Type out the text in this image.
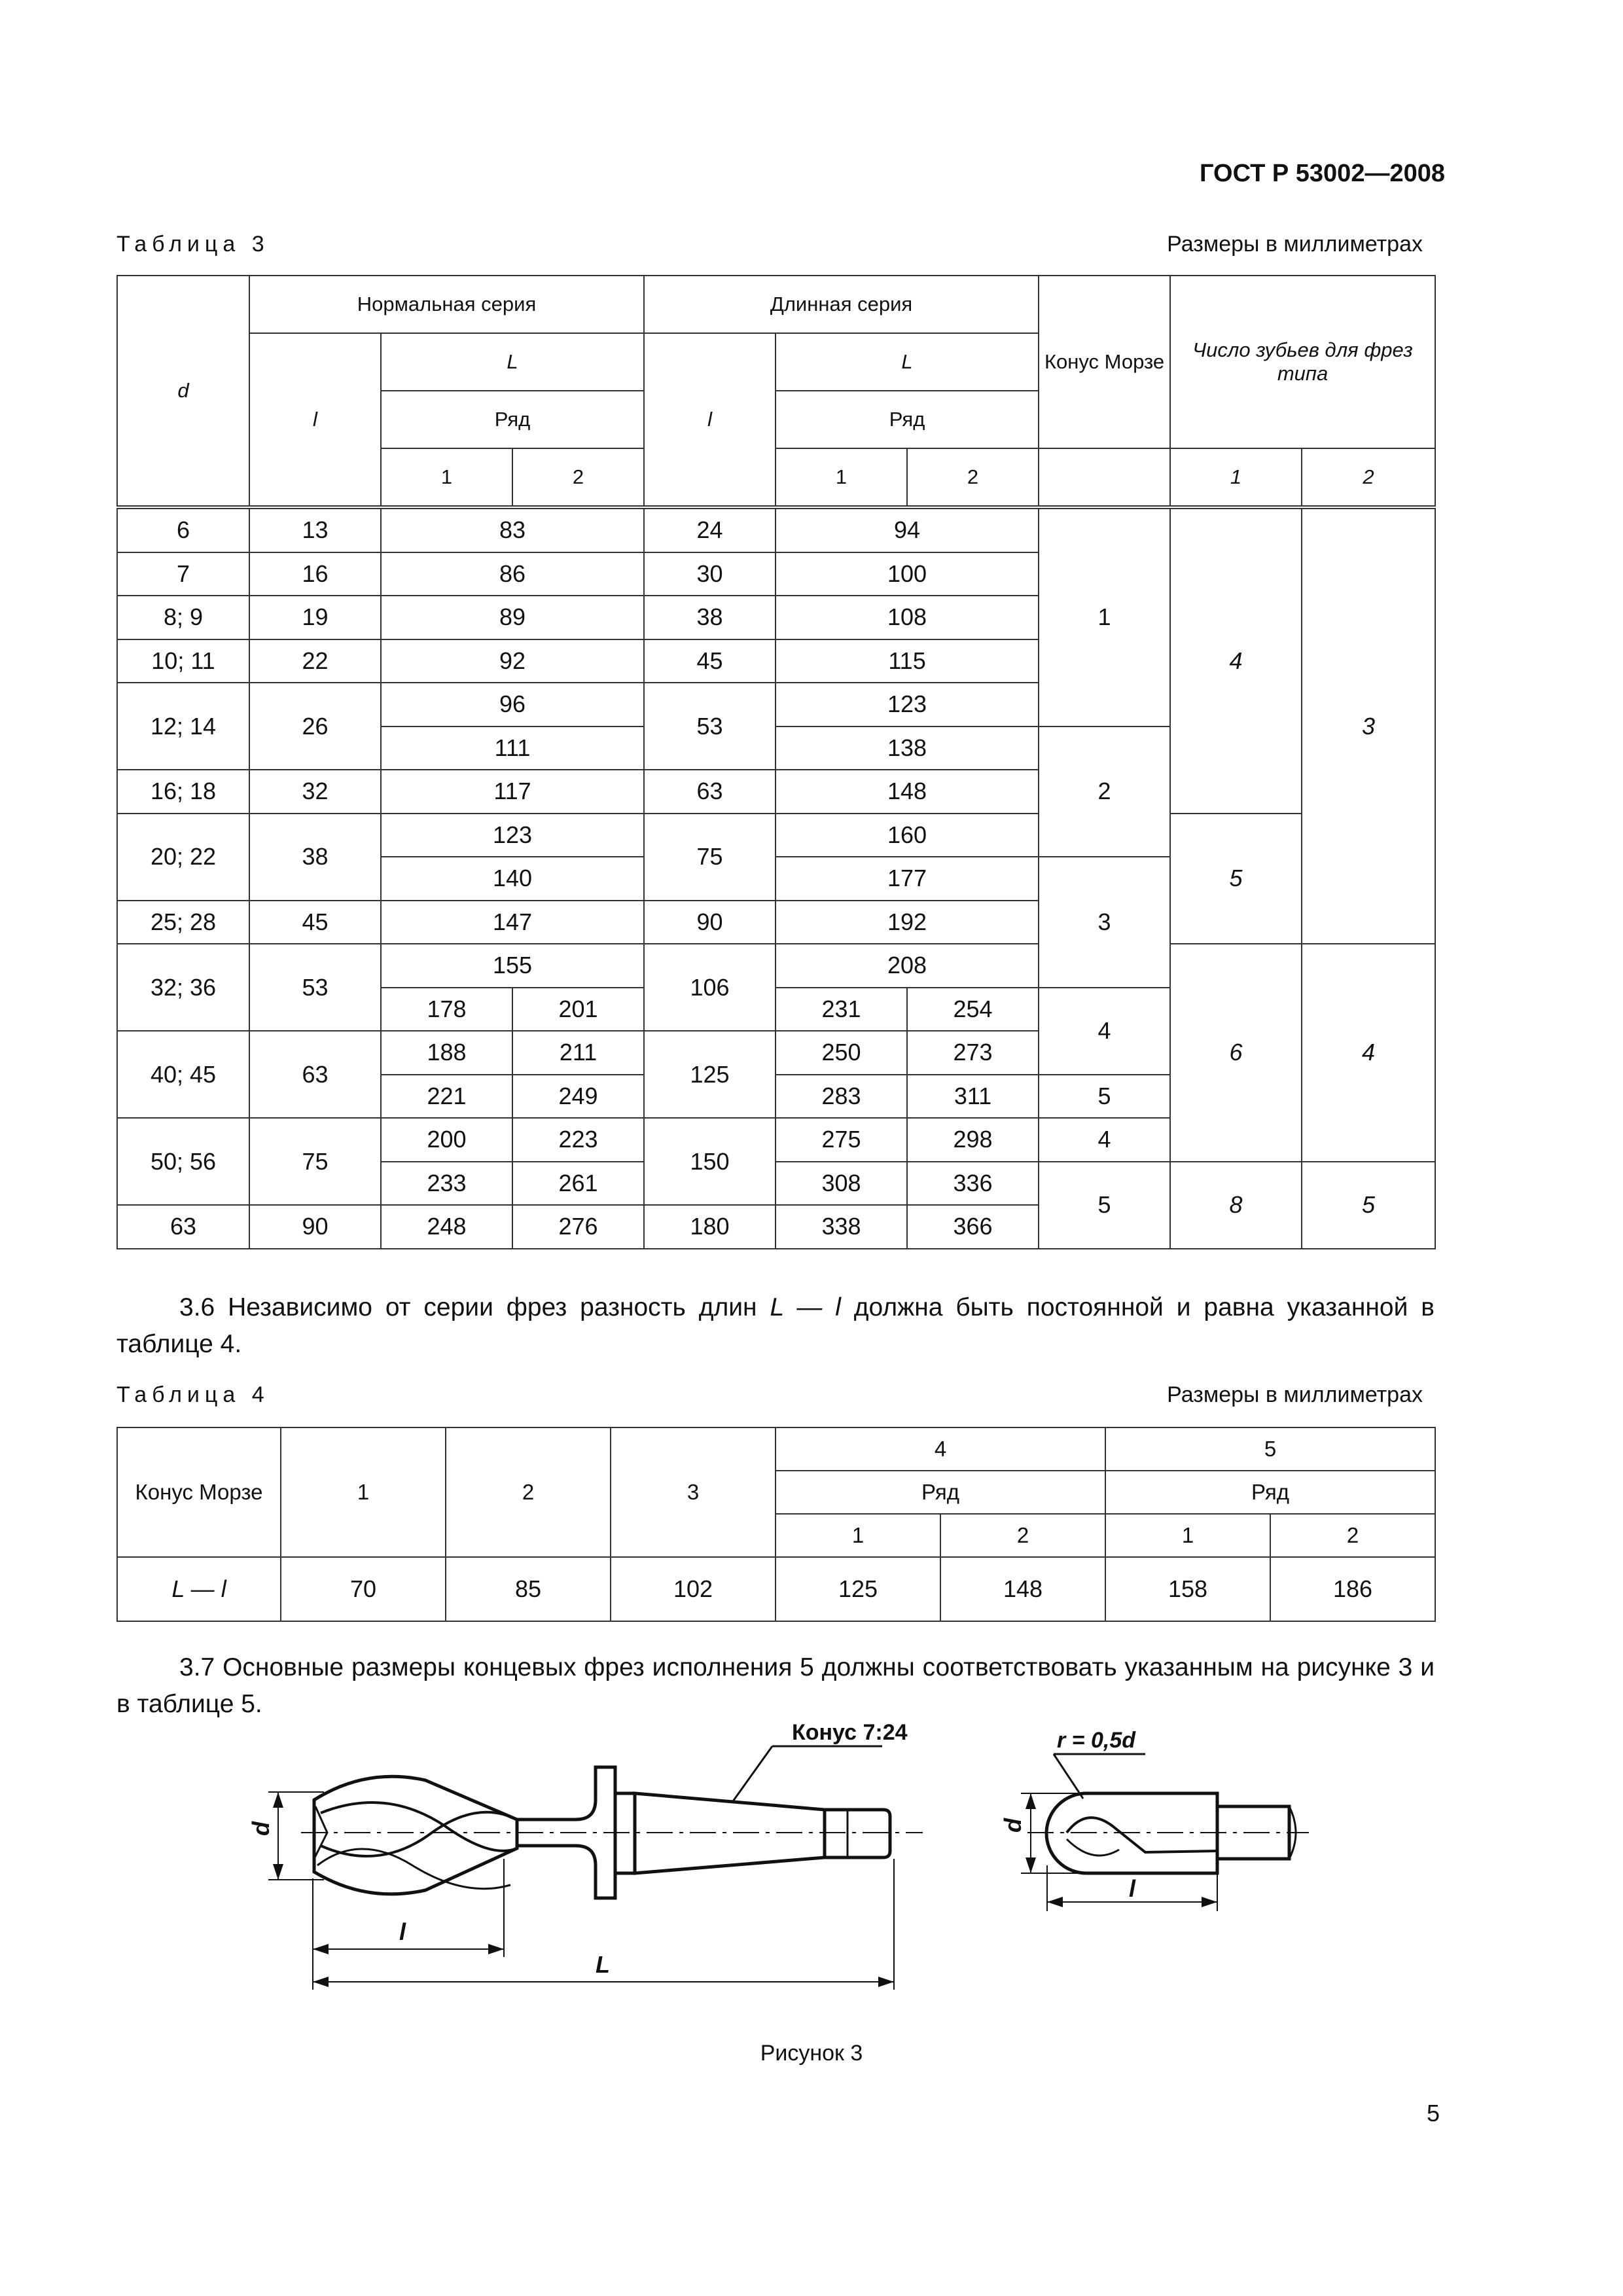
ГОСТ Р 53002—2008
Таблица 3	Размеры в миллиметрах
d	Нормальная серия			Длинная серия			Конус Морзе	Число зубьев для фрез типа	
	l	L		l	L				
		Ряд			Ряд				
		1	2		1	2		1	2
6	13	83		24	94		1	4	3
7	16	86		30	100				
8; 9	19	89		38	108				
10; 11	22	92		45	115				
12; 14	26	96		53	123				
		111			138		2		
16; 18	32	117		63	148				
20; 22	38	123		75	160			5	
		140			177		3		
25; 28	45	147		90	192				
32; 36	53	155		106	208			6	4
		178	201		231	254	4		
40; 45	63	188	211	125	250	273			
		221	249		283	311	5		
50; 56	75	200	223	150	275	298	4		
		233	261		308	336	5	8	5
63	90	248	276	180	338	366			
3.6 Независимо от серии фрез разность длин L — l должна быть постоянной и равна указанной в таблице 4.
Таблица 4	Размеры в миллиметрах
Конус Морзе	1	2	3	4		5	
				Ряд		Ряд	
				1	2	1	2
L — l	70	85	102	125	148	158	186
3.7 Основные размеры концевых фрез исполнения 5 должны соответствовать указанным на рисунке 3 и в таблице 5.
Конус 7:24
d
l
L
r = 0,5d
d
l
Рисунок 3
5
